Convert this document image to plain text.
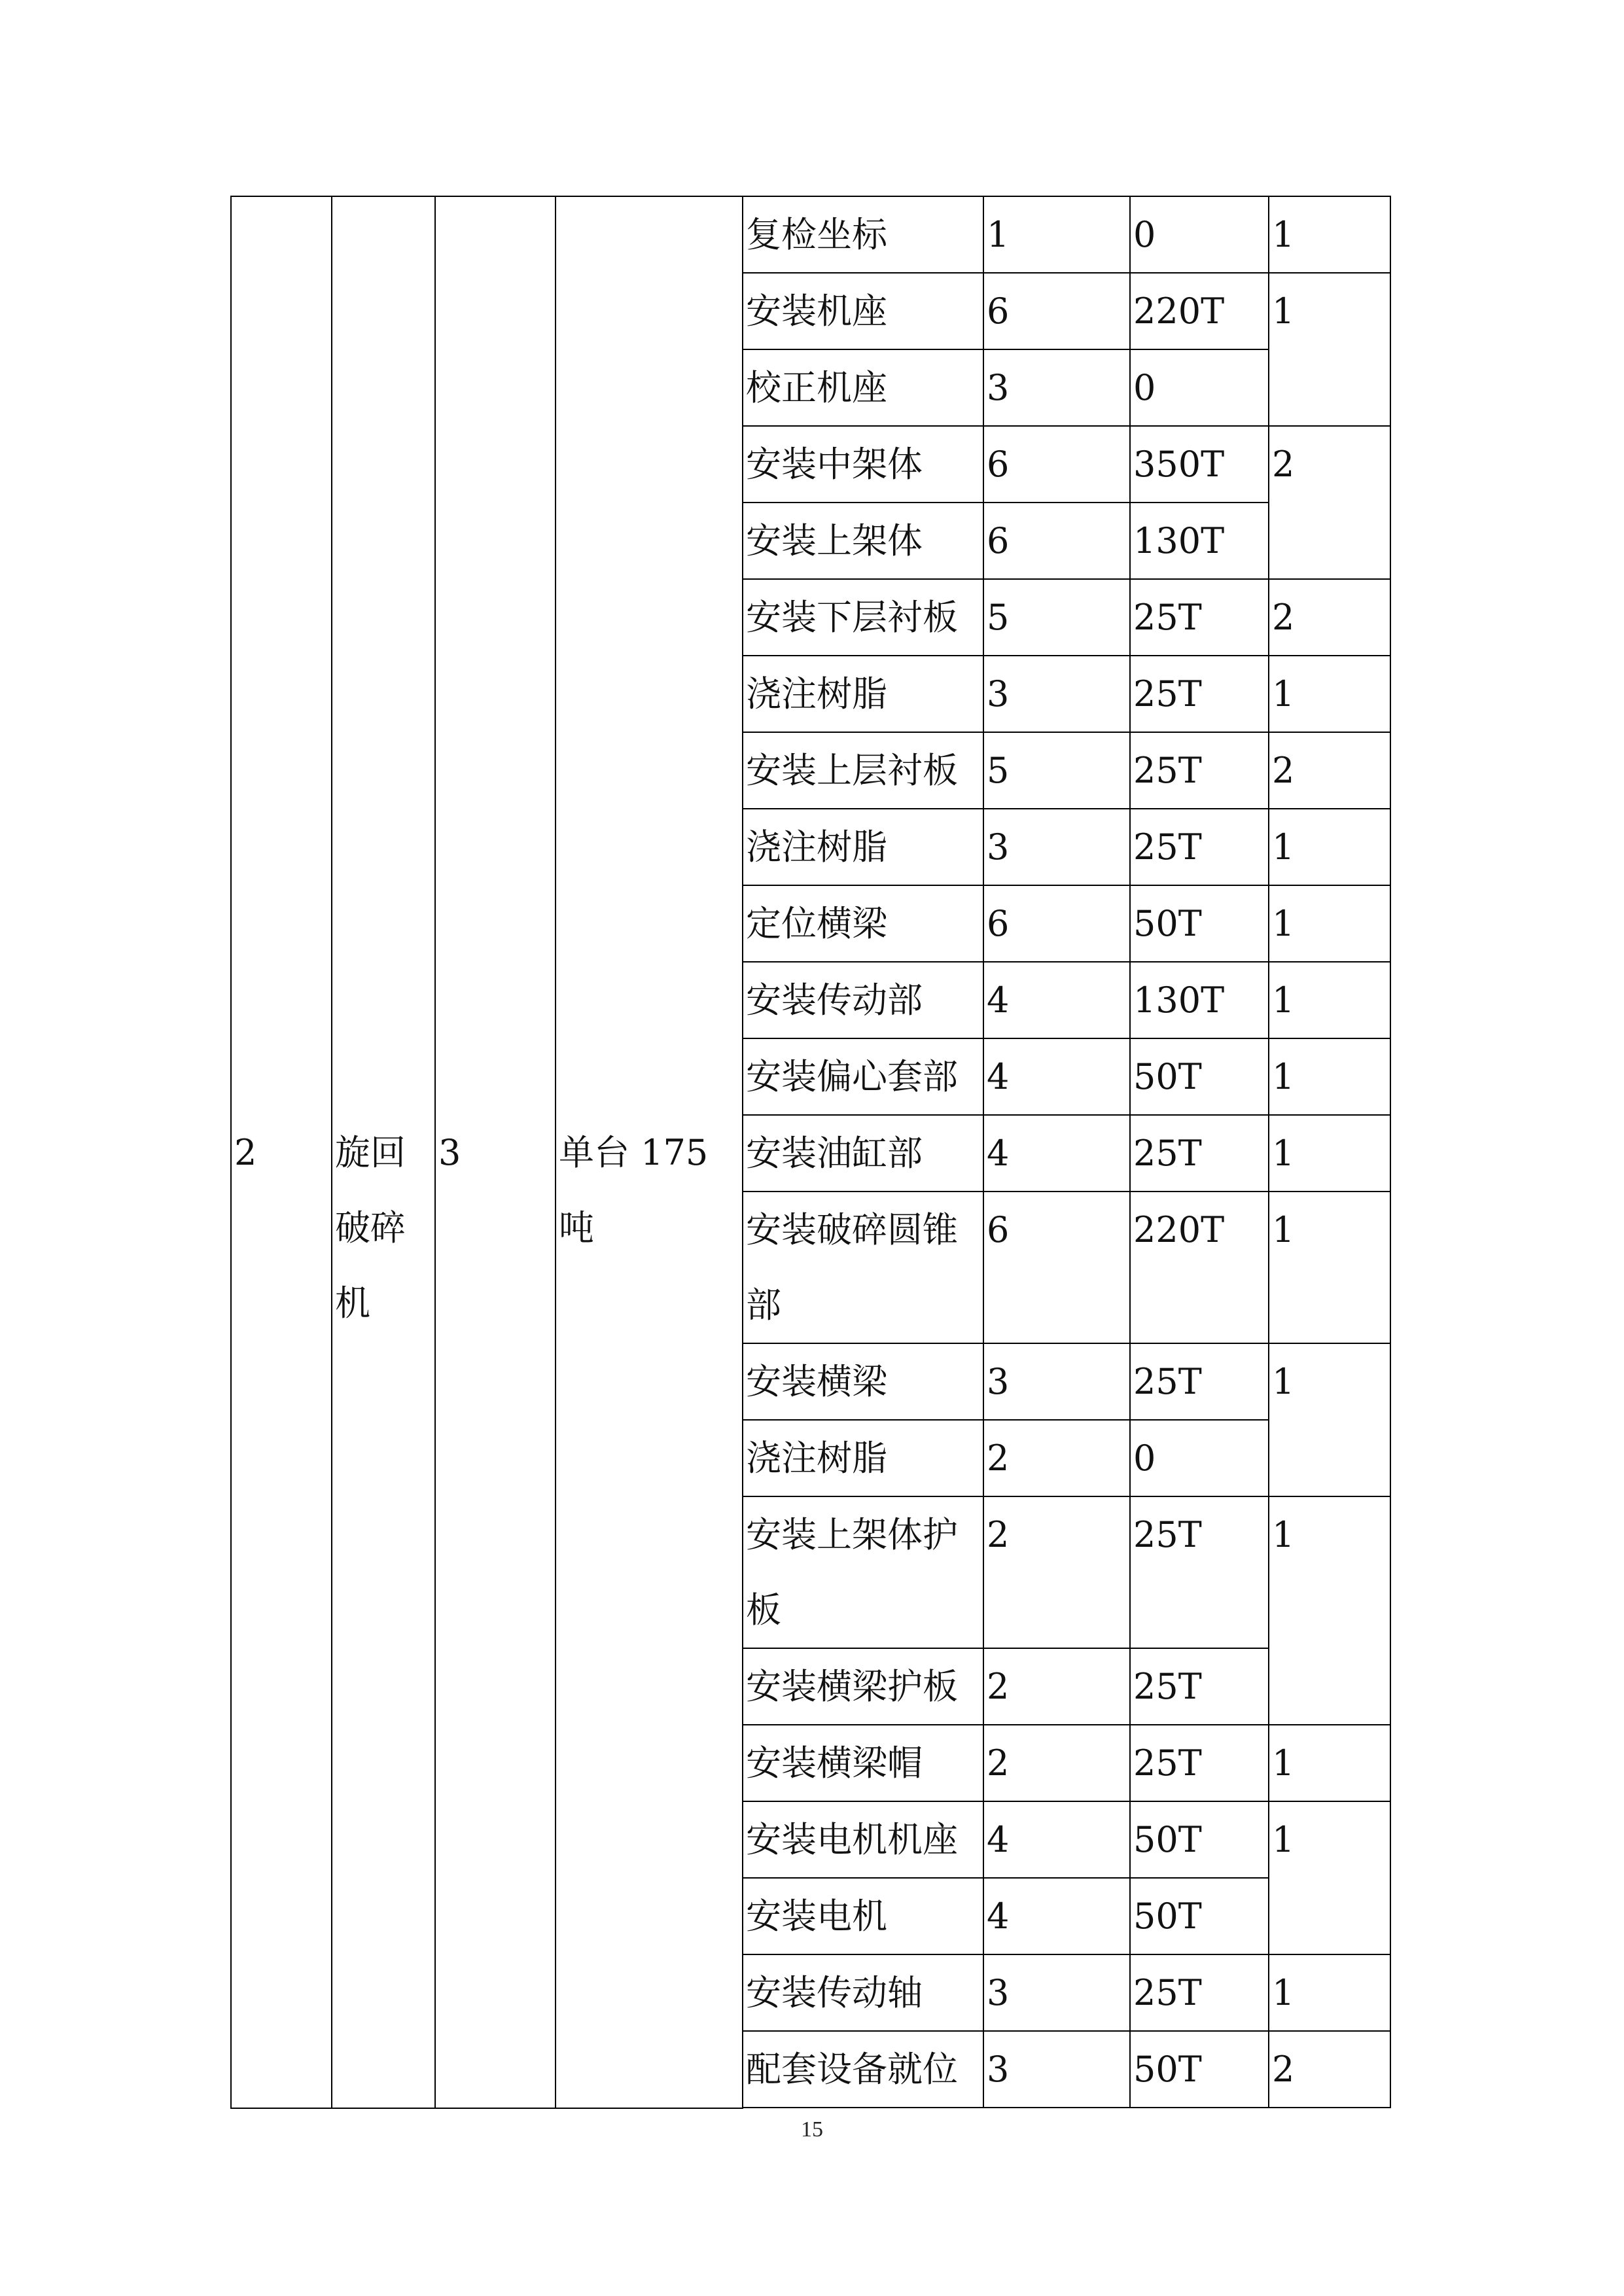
2	旋回破碎机	3	单台 175吨	复检坐标	1	0	1
				安装机座	6	220T	1
				校正机座	3	0	
				安装中架体	6	350T	2
				安装上架体	6	130T	
				安装下层衬板	5	25T	2
				浇注树脂	3	25T	1
				安装上层衬板	5	25T	2
				浇注树脂	3	25T	1
				定位横梁	6	50T	1
				安装传动部	4	130T	1
				安装偏心套部	4	50T	1
				安装油缸部	4	25T	1
				安装破碎圆锥部	6	220T	1
				安装横梁	3	25T	1
				浇注树脂	2	0	
				安装上架体护板	2	25T	1
				安装横梁护板	2	25T	
				安装横梁帽	2	25T	1
				安装电机机座	4	50T	1
				安装电机	4	50T	
				安装传动轴	3	25T	1
				配套设备就位	3	50T	2

15
